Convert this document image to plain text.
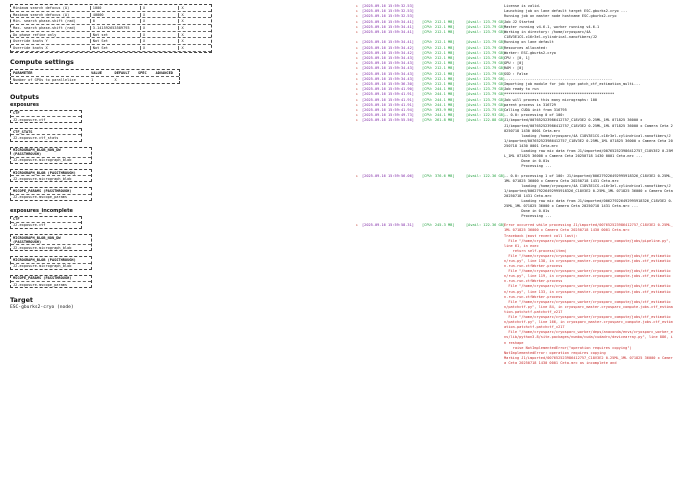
Minimum search defocus (A)	1000	X	X
Maximum search defocus (A)	40000	X	X
Min. search phase-shift (rad)	0	X	X
Max. search phase-shift (rad)	3.141592653589793	X	X
Do phase refine only	Not set	X	X
Override knots Y	Not Set	X	X
Override knots X	Not Set	X	X
Compute settings
PARAMETER	VALUE	DEFAULT	SPEC	ADVANCED
Number of GPUs to parallelize	1	X
Outputs
exposures
CTF
J2.exposure.ctf
CTF_STATS
J2.exposure.ctf_stats
MICROGRAPH_BLOB_NON_DW (PASSTHROUGH)
J2.exposure.micrograph_blob
MICROGRAPH_BLOB (PASSTHROUGH)
J2.exposure.micrograph_blob
MSCOPE_PARAMS (PASSTHROUGH)
J2.exposure.mscope_params
exposures_incomplete
CTF
J2.exposure.ctf
MICROGRAPH_BLOB_NON_DW (PASSTHROUGH)
J2.exposure.micrograph_blob
MICROGRAPH_BLOB (PASSTHROUGH)
J2.exposure.micrograph_blob
MSCOPE_PARAMS (PASSTHROUGH)
J2.exposure.mscope_params
Target
ESC-gburks2-cryo (node)
▸	[2025-09-16 15:59:32.53]	License is valid.
▸	[2025-09-16 15:59:32.53]	Launching job on lane default target ESC-gburks2-cryo ...
▸	[2025-09-16 15:59:32.53]	Running job on master node hostname ESC-gburks2-cryo
▸	[2025-09-16 15:59:34.41]	[CPU: 212.1 MB]	[Avail: 123.79 GB] Job J2 Started
▸	[2025-09-16 15:59:34.41]	[CPU: 212.1 MB]	[Avail: 123.79 GB] Master running v4.6.1, worker running v4.6.1
▸	[2025-09-16 15:59:34.41]	[CPU: 212.1 MB]	[Avail: 123.79 GB] Working in directory: /home/cryosparc/4A
C18V3E1CS-c16r3el-cylindrical-nanofibers/J2
▸	[2025-09-16 15:59:34.41]	[CPU: 212.1 MB]	[Avail: 123.79 GB] Running on lane default
▸	[2025-09-16 15:59:34.42]	[CPU: 212.1 MB]	[Avail: 123.79 GB] Resources allocated:
▸	[2025-09-16 15:59:34.42]	[CPU: 212.1 MB]	[Avail: 123.79 GB] Worker: ESC-gburks2-cryo
▸	[2025-09-16 15:59:34.43]	[CPU: 212.1 MB]	[Avail: 123.79 GB] CPU : [0, 1]
▸	[2025-09-16 15:59:34.43]	[CPU: 212.1 MB]	[Avail: 123.79 GB] GPU : [0]
▸	[2025-09-16 15:59:34.43]	[CPU: 212.1 MB]	[Avail: 123.79 GB] RAM : [0]
▸	[2025-09-16 15:59:34.43]	[CPU: 212.1 MB]	[Avail: 123.79 GB] SSD : False
▸	[2025-09-16 15:59:34.43]	[CPU: 212.1 MB]	[Avail: 123.79 GB] --------------------------------------------------
▸	[2025-09-16 15:59:36.30]	[CPU: 212.1 MB]	[Avail: 123.79 GB] Importing job module for job type patch_ctf_estimation_multi...
▸	[2025-09-16 15:59:41.90]	[CPU: 244.1 MB]	[Avail: 123.79 GB] Job ready to run
▸	[2025-09-16 15:59:41.91]	[CPU: 244.1 MB]	[Avail: 123.79 GB] ***************************************************
▸	[2025-09-16 15:59:41.91]	[CPU: 244.1 MB]	[Avail: 123.79 GB] Job will process this many micrographs: 100
▸	[2025-09-16 15:59:41.91]	[CPU: 244.1 MB]	[Avail: 123.79 GB] parent process is 316729
▸	[2025-09-16 15:59:41.94]	[CPU: 193.9 MB]	[Avail: 123.75 GB] Calling CUDA init from 316795
▸	[2025-09-16 15:59:49.73]	[CPU: 244.1 MB]	[Avail: 122.93 GB] -- 0.0: processing 0 of 100:
▸	[2025-09-16 15:59:55.56]	[CPU: 261.8 MB]	[Avail: 122.88 GB] J1/imported/007652523986412757_C18V3E2 0.25ML_1ML 071825 36000 x
J1/imported/007652523986412757_C18V3E2 0.25ML_1ML 071825 36000 x Camera Ceta 20250718 1430 0001 Ceta.mrc
loading /home/cryosparc/4A C18V3E1CS-c16r3el-cylindrical-nanofibers/J1/imported/007652523986412757_C18V3E2 0.25ML_1ML 071825 36000 x Camera Ceta 20250718 1430 0001 Ceta.mrc
Loading raw mic data from J1/imported/007652523986412757_C18V3E2 0.25ML_1ML 071825 36000 x Camera Ceta 20250718 1430 0001 Ceta.mrc ...
Done in 0.01s
Processing ...
▸	[2025-09-16 15:59:56.06]	[CPU: 376.6 MB]	[Avail: 122.36 GB] -- 0.0: processing 1 of 100: J1/imported/006279226492995918326_C18V3E2 0.25ML_1ML 071825 36000 x Camera Ceta 20250718 1431 Ceta.mrc
loading /home/cryosparc/4A C18V3E1CS-c16r3el-cylindrical-nanofibers/J1/imported/006279226492995918326_C18V3E2 0.25ML_1ML 071825 36000 x Camera Ceta 20250718 1431 Ceta.mrc
Loading raw mic data from J1/imported/006279226492995918326_C18V3E2 0.25ML_1ML 071825 36000 x Camera Ceta 20250718 1431 Ceta.mrc ...
Done in 0.01s
Processing ...
▸	[2025-09-16 15:59:58.31]	[CPU: 245.3 MB]	[Avail: 122.36 GB] Error occurred while processing J1/imported/007652523986412757_C18V3E2 0.25ML_1ML 071825 36000 x Camera Ceta 20250718 1430 0001 Ceta.mrc
Traceback (most recent call last):
File "/home/cryosparc/cryosparc_worker/cryosparc_compute/jobs/pipeline.py", line 61, in exec
return self.process(item)
File "/home/cryosparc/cryosparc_worker/cryosparc_compute/jobs/ctf_estimation/run.py", line 138, in cryosparc_master.cryosparc_compute.jobs.ctf_estimation.run.run.ctfWorker.process
File "/home/cryosparc/cryosparc_worker/cryosparc_compute/jobs/ctf_estimation/run.py", line 119, in cryosparc_master.cryosparc_compute.jobs.ctf_estimation.run.run.ctfWorker.process
File "/home/cryosparc/cryosparc_worker/cryosparc_compute/jobs/ctf_estimation/run.py", line 133, in cryosparc_master.cryosparc_compute.jobs.ctf_estimation.run.run.ctfWorker.process
File "/home/cryosparc/cryosparc_worker/cryosparc_compute/jobs/ctf_estimation/patchctf.py", line 84, in cryosparc_master.cryosparc_compute.jobs.ctf_estimation.patchctf.patchctf_v217
File "/home/cryosparc/cryosparc_worker/cryosparc_compute/jobs/ctf_estimation/patchctf.py", line 166, in cryosparc_master.cryosparc_compute.jobs.ctf_estimation.patchctf.patchctf_v217
File "/home/cryosparc/cryosparc_worker/deps/anaconda/envs/cryosparc_worker_env/lib/python3.8/site-packages/numba/cuda/cudadrv/devicearray.py", line 886, in reshape
raise NotImplementedError("operation requires copying")
NotImplementedError: operation requires copying
Marking J1/imported/007652523986412757_C18V3E2 0.25ML_1ML 071825 36000 x Camera Ceta 20250718 1430 0001 Ceta.mrc as incomplete and
